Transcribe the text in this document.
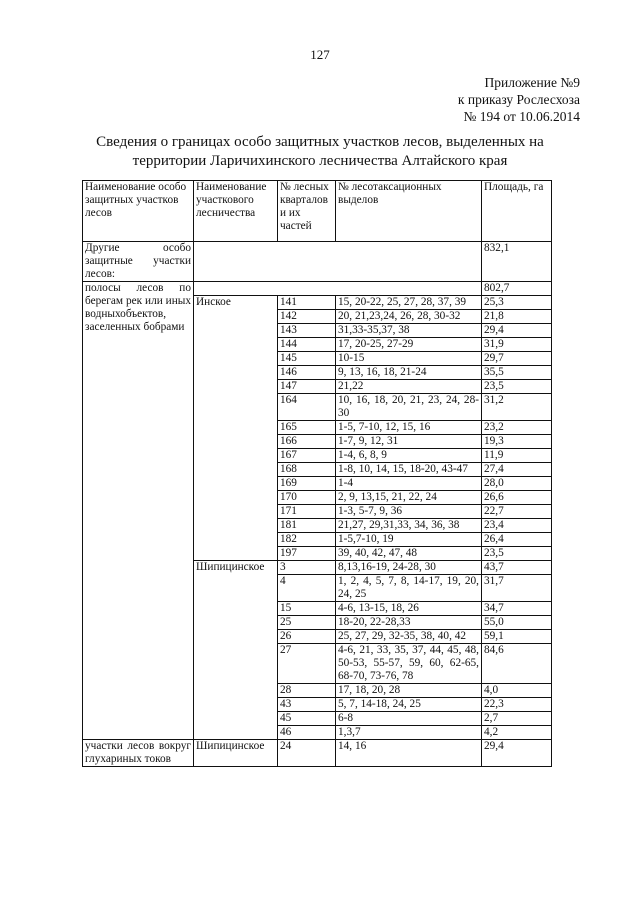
127
Приложение №9
к приказу Рослесхоза
№ 194 от 10.06.2014
Сведения о границах особо защитных участков лесов, выделенных на
территории Ларичихинского лесничества Алтайского края
Наименование особо защитных участков лесов	Наименование участкового лесничества	№ лесных кварталов и их частей	№ лесотаксационных выделов	Площадь, га
Другие особо защитные участки лесов:				832,1
полосы лесов по берегам рек или иных водныхобъектов, заселенных бобрами				802,7
	Инское	141	15, 20-22, 25, 27, 28, 37, 39	25,3
		142	20, 21,23,24, 26, 28, 30-32	21,8
		143	31,33-35,37, 38	29,4
		144	17, 20-25, 27-29	31,9
		145	10-15	29,7
		146	9, 13, 16, 18, 21-24	35,5
		147	21,22	23,5
		164	10, 16, 18, 20, 21, 23, 24, 28-30	31,2
		165	1-5, 7-10, 12, 15, 16	23,2
		166	1-7, 9, 12, 31	19,3
		167	1-4, 6, 8, 9	11,9
		168	1-8, 10, 14, 15, 18-20, 43-47	27,4
		169	1-4	28,0
		170	2, 9, 13,15, 21, 22, 24	26,6
		171	1-3, 5-7, 9, 36	22,7
		181	21,27, 29,31,33, 34, 36, 38	23,4
		182	1-5,7-10, 19	26,4
		197	39, 40, 42, 47, 48	23,5
	Шипицинское	3	8,13,16-19, 24-28, 30	43,7
		4	1, 2, 4, 5, 7, 8, 14-17, 19, 20, 24, 25	31,7
		15	4-6, 13-15, 18, 26	34,7
		25	18-20, 22-28,33	55,0
		26	25, 27, 29, 32-35, 38, 40, 42	59,1
		27	4-6, 21, 33, 35, 37, 44, 45, 48, 50-53, 55-57, 59, 60, 62-65, 68-70, 73-76, 78	84,6
		28	17, 18, 20, 28	4,0
		43	5, 7, 14-18, 24, 25	22,3
		45	6-8	2,7
		46	1,3,7	4,2
участки лесов вокруг глухариных токов	Шипицинское	24	14, 16	29,4
